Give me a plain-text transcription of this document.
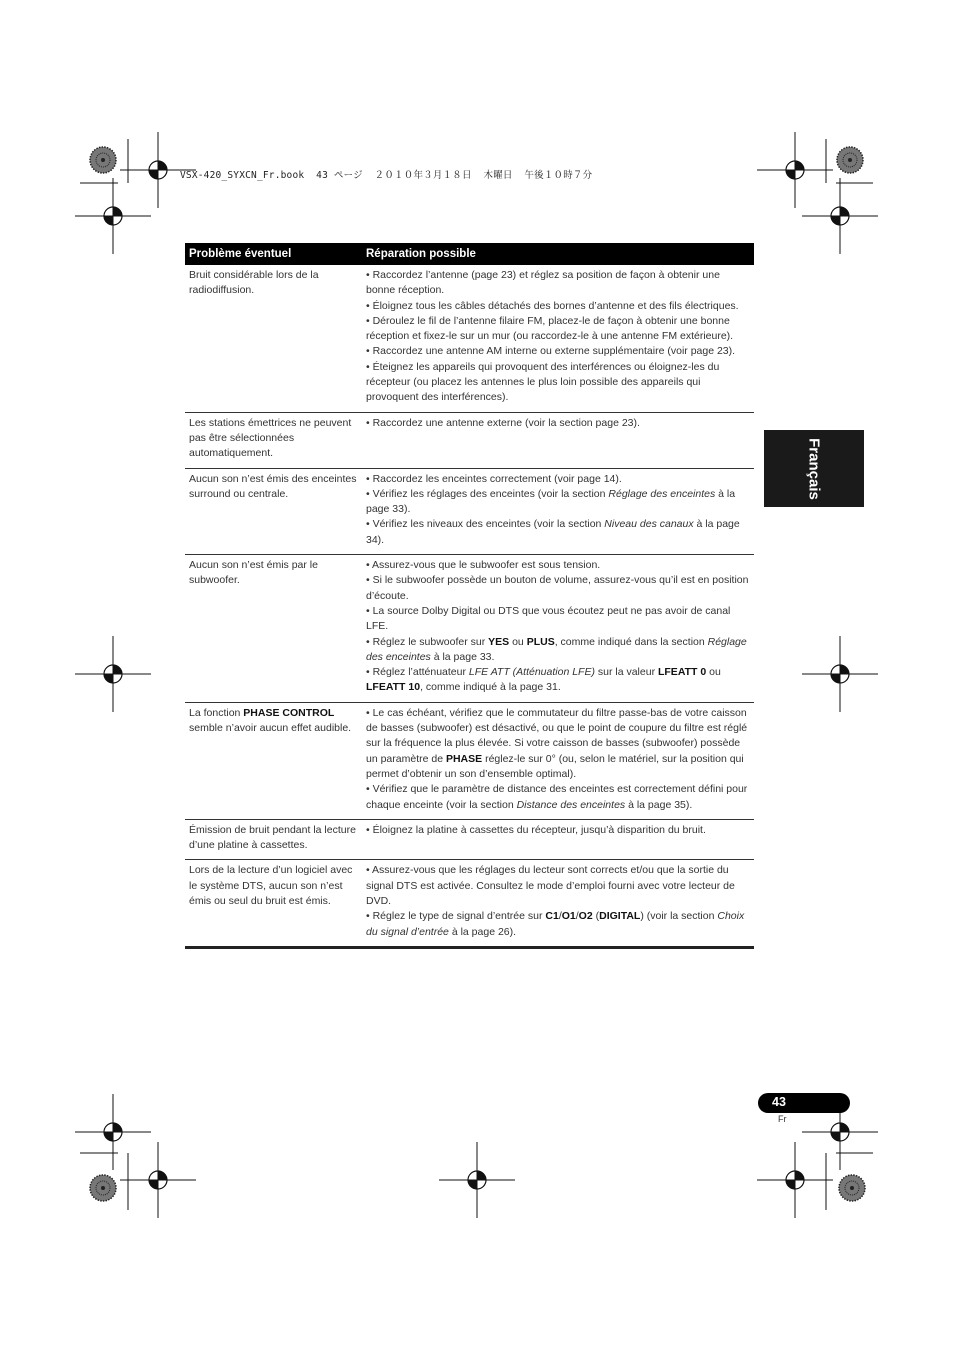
VSX-420_SYXCN_Fr.book  43 ページ  ２０１０年３月１８日  木曜日  午後１０時７分
Problème éventuel	Réparation possible
Bruit considérable lors de la radiodiffusion.
• Raccordez l’antenne (page 23) et réglez sa position de façon à obtenir une bonne réception.
• Éloignez tous les câbles détachés des bornes d’antenne et des fils électriques.
• Déroulez le fil de l’antenne filaire FM, placez-le de façon à obtenir une bonne réception et fixez-le sur un mur (ou raccordez-le à une antenne FM extérieure).
• Raccordez une antenne AM interne ou externe supplémentaire (voir page 23).
• Éteignez les appareils qui provoquent des interférences ou éloignez-les du récepteur (ou placez les antennes le plus loin possible des appareils qui provoquent des interférences).
Les stations émettrices ne peuvent pas être sélectionnées automatiquement.
• Raccordez une antenne externe (voir la section page 23).
Aucun son n’est émis des enceintes surround ou centrale.
• Raccordez les enceintes correctement (voir page 14).
• Vérifiez les réglages des enceintes (voir la section Réglage des enceintes à la page 33).
• Vérifiez les niveaux des enceintes (voir la section Niveau des canaux à la page 34).
Aucun son n’est émis par le subwoofer.
• Assurez-vous que le subwoofer est sous tension.
• Si le subwoofer possède un bouton de volume, assurez-vous qu’il est en position d’écoute.
• La source Dolby Digital ou DTS que vous écoutez peut ne pas avoir de canal LFE.
• Réglez le subwoofer sur YES ou PLUS, comme indiqué dans la section Réglage des enceintes à la page 33.
• Réglez l’atténuateur LFE ATT (Atténuation LFE) sur la valeur LFEATT 0 ou LFEATT 10, comme indiqué à la page 31.
La fonction PHASE CONTROL semble n’avoir aucun effet audible.
• Le cas échéant, vérifiez que le commutateur du filtre passe-bas de votre caisson de basses (subwoofer) est désactivé, ou que le point de coupure du filtre est réglé sur la fréquence la plus élevée. Si votre caisson de basses (subwoofer) possède un paramètre de PHASE réglez-le sur 0° (ou, selon le matériel, sur la position qui permet d’obtenir un son d’ensemble optimal).
• Vérifiez que le paramètre de distance des enceintes est correctement défini pour chaque enceinte (voir la section Distance des enceintes à la page 35).
Émission de bruit pendant la lecture d’une platine à cassettes.
• Éloignez la platine à cassettes du récepteur, jusqu’à disparition du bruit.
Lors de la lecture d’un logiciel avec le système DTS, aucun son n’est émis ou seul du bruit est émis.
• Assurez-vous que les réglages du lecteur sont corrects et/ou que la sortie du signal DTS est activée. Consultez le mode d’emploi fourni avec votre lecteur de DVD.
• Réglez le type de signal d’entrée sur C1/O1/O2 (DIGITAL) (voir la section Choix du signal d’entrée à la page 26).
Français
43
Fr
